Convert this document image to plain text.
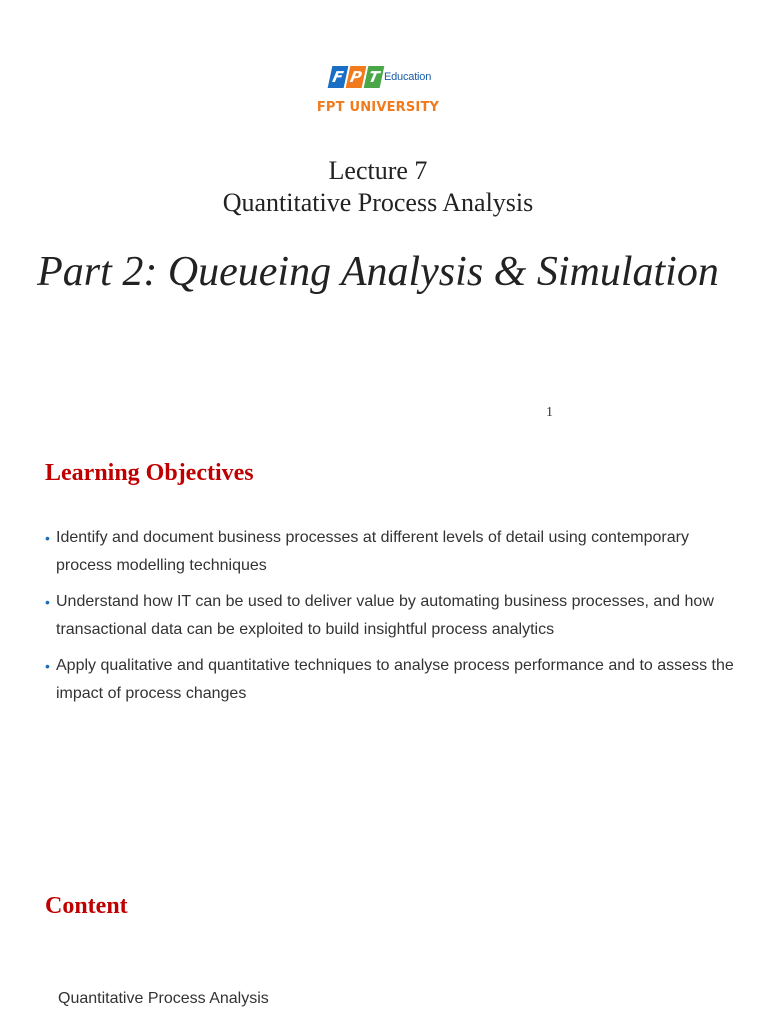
F P T Education
FPT UNIVERSITY
Lecture 7
Quantitative Process Analysis
Part 2: Queueing Analysis & Simulation
1
Learning Objectives
• Identify and document business processes at different levels of detail using contemporary process modelling techniques
• Understand how IT can be used to deliver value by automating business processes, and how transactional data can be exploited to build insightful process analytics
• Apply qualitative and quantitative techniques to analyse process performance and to assess the impact of process changes
Content
Quantitative Process Analysis
